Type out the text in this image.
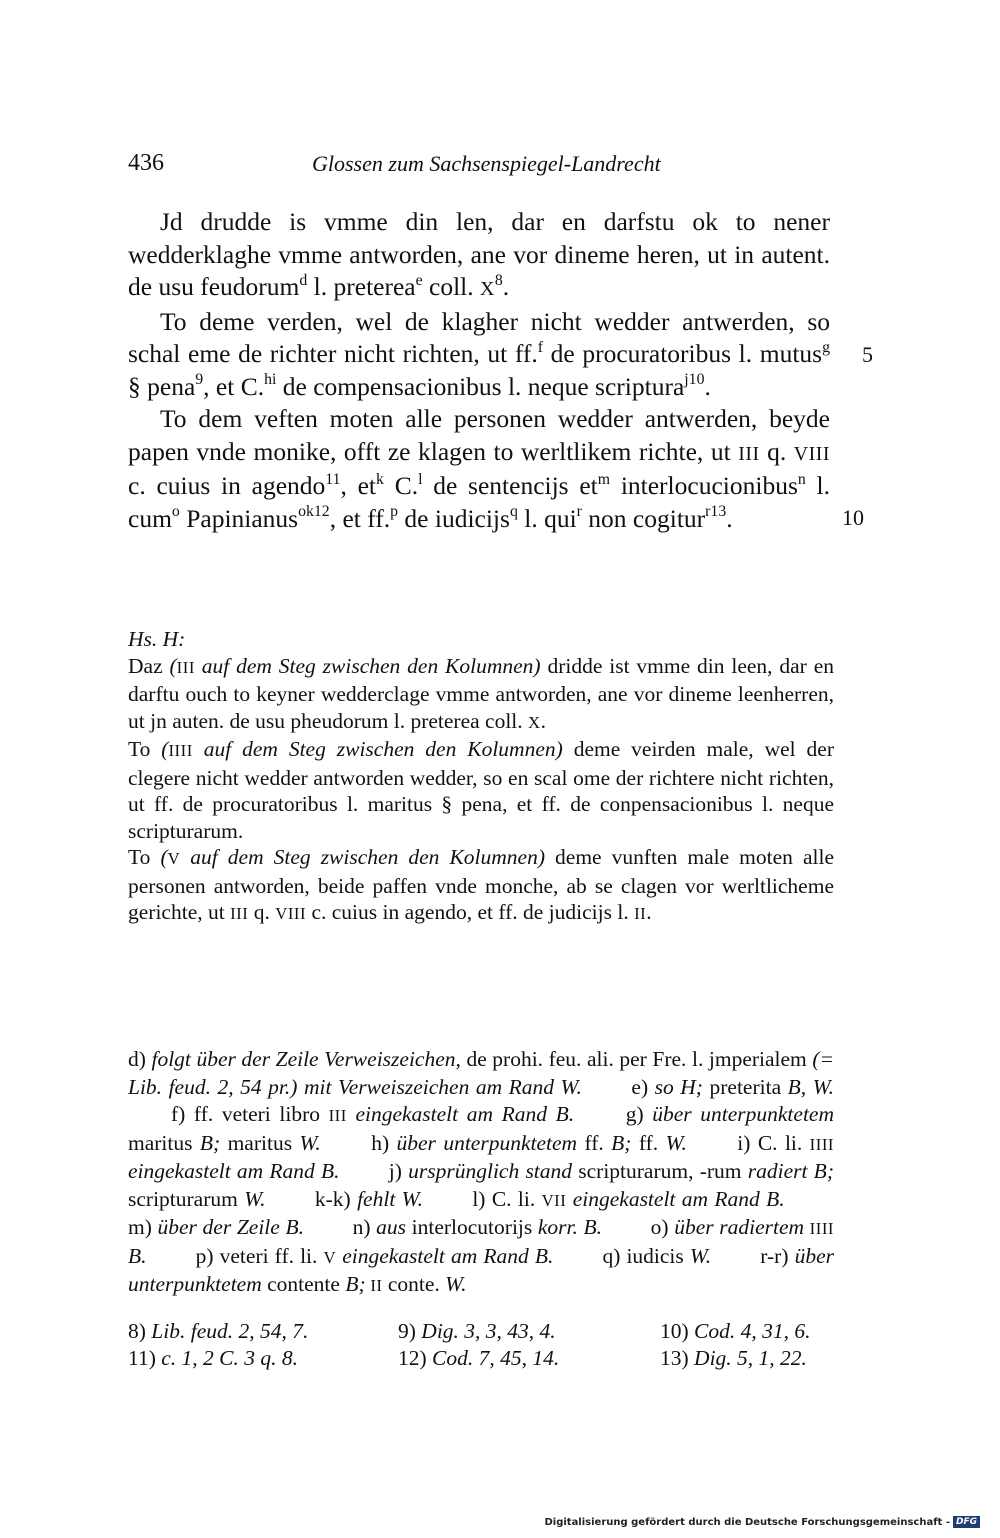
436	Glossen zum Sachsenspiegel-Landrecht

Jd drudde is vmme din len, dar en darfstu ok to nener wedderklaghe vmme antworden, ane vor dineme heren, ut in autent. de usu feudorum$^d$ l. preterea$^e$ coll. $X^8$.

To deme verden, wel de klagher nicht wedder antwerden, so schal eme de richter nicht richten, ut ff.$^f$ de procuratoribus l. mutus$^g$ § pena$^9$, et C.$^{hi}$ de compensacionibus l. neque scriptura$^{j10}$.

To dem veften moten alle personen wedder antwerden, beyde papen vnde monike, offt ze klagen to werltlikem richte, ut III q. VIII c. cuius in agendo$^{11}$, $et^k$ C.$^l$ de sentencijs $et^m$ interlocucionibus$^n$ l. cum$^o$ Papinianus$^{ok12}$, et ff.$^p$ de iudicijs$^q$ l. qui$^r$ non cogitur$^{r13}$.

5
10

Hs. H:

Daz (III auf dem Steg zwischen den Kolumnen) dridde ist vmme din leen, dar en darftu ouch to keyner wedderclage vmme antworden, ane vor dineme leenherren, ut jn auten. de usu pheudorum l. preterea coll. X.

To (IIII auf dem Steg zwischen den Kolumnen) deme veirden male, wel der clegere nicht wedder antworden wedder, so en scal ome der richtere nicht richten, ut ff. de procuratoribus l. maritus § pena, et ff. de conpensacionibus l. neque scripturarum.

To (V auf dem Steg zwischen den Kolumnen) deme vunften male moten alle personen antworden, beide paffen vnde monche, ab se clagen vor werltlicheme gerichte, ut III q. VIII c. cuius in agendo, et ff. de judicijs l. II.

d) folgt über der Zeile Verweiszeichen, de prohi. feu. ali. per Fre. l. jmperialem (= Lib. feud. 2, 54 pr.) mit Verweiszeichen am Rand W.    e) so H; preterita B, W.   f) ff. veteri libro III eingekastelt am Rand B.    g) über unterpunktetem maritus B; maritus W.    h) über unterpunktetem ff. B; ff. W.    i) C. li. IIII eingekastelt am Rand B.    j) ursprünglich stand scripturarum, -rum radiert B; scripturarum W.    k-k) fehlt W.    l) C. li. VII eingekastelt am Rand B.   m) über der Zeile B.    n) aus interlocutorijs korr. B.    o) über radiertem IIII B.    p) veteri ff. li. V eingekastelt am Rand B.    q) iudicis W.    r-r) über unterpunktetem contente B; II conte. W.

8) Lib. feud. 2, 54, 7.	9) Dig. 3, 3, 43, 4.	10) Cod. 4, 31, 6.
11) c. 1, 2 C. 3 q. 8.	12) Cod. 7, 45, 14.	13) Dig. 5, 1, 22.
Digitalisierung gefördert durch die Deutsche Forschungsgemeinschaft - DFG
